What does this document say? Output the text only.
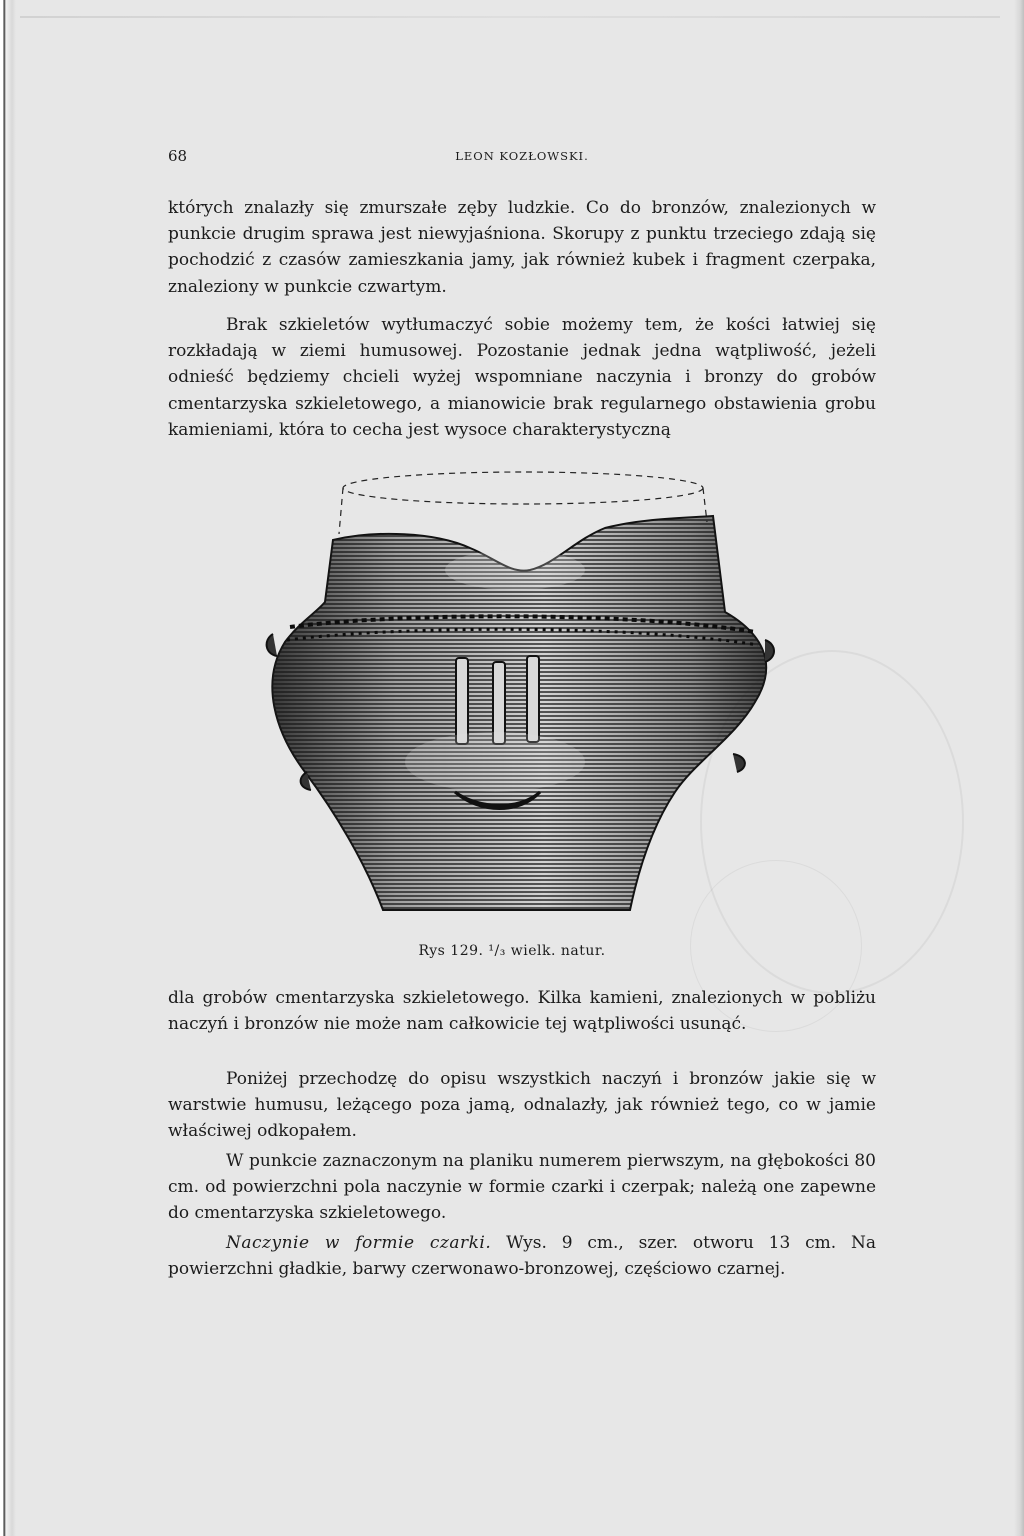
68	LEON KOZŁOWSKI.

których znalazły się zmurszałe zęby ludzkie. Co do bronzów, znalezionych w punkcie drugim sprawa jest niewyjaśniona. Skorupy z punktu trzeciego zdają się pochodzić z czasów zamieszkania jamy, jak również kubek i fragment czerpaka, znaleziony w punkcie czwartym.

Brak szkieletów wytłumaczyć sobie możemy tem, że kości łatwiej się rozkładają w ziemi humusowej. Pozostanie jednak jedna wątpliwość, jeżeli odnieść będziemy chcieli wyżej wspomniane naczynia i bronzy do grobów cmentarzyska szkieletowego, a mianowicie brak regularnego obstawienia grobu kamieniami, która to cecha jest wysoce charakterystyczną

Rys 129. ¹/₃ wielk. natur.

dla grobów cmentarzyska szkieletowego. Kilka kamieni, znalezionych w pobliżu naczyń i bronzów nie może nam całkowicie tej wątpliwości usunąć.

Poniżej przechodzę do opisu wszystkich naczyń i bronzów jakie się w warstwie humusu, leżącego poza jamą, odnalazły, jak również tego, co w jamie właściwej odkopałem.

W punkcie zaznaczonym na planiku numerem pierwszym, na głębokości 80 cm. od powierzchni pola naczynie w formie czarki i czerpak; należą one zapewne do cmentarzyska szkieletowego.

Naczynie w formie czarki. Wys. 9 cm., szer. otworu 13 cm. Na powierzchni gładkie, barwy czerwonawo-bronzowej, częściowo czarnej.
